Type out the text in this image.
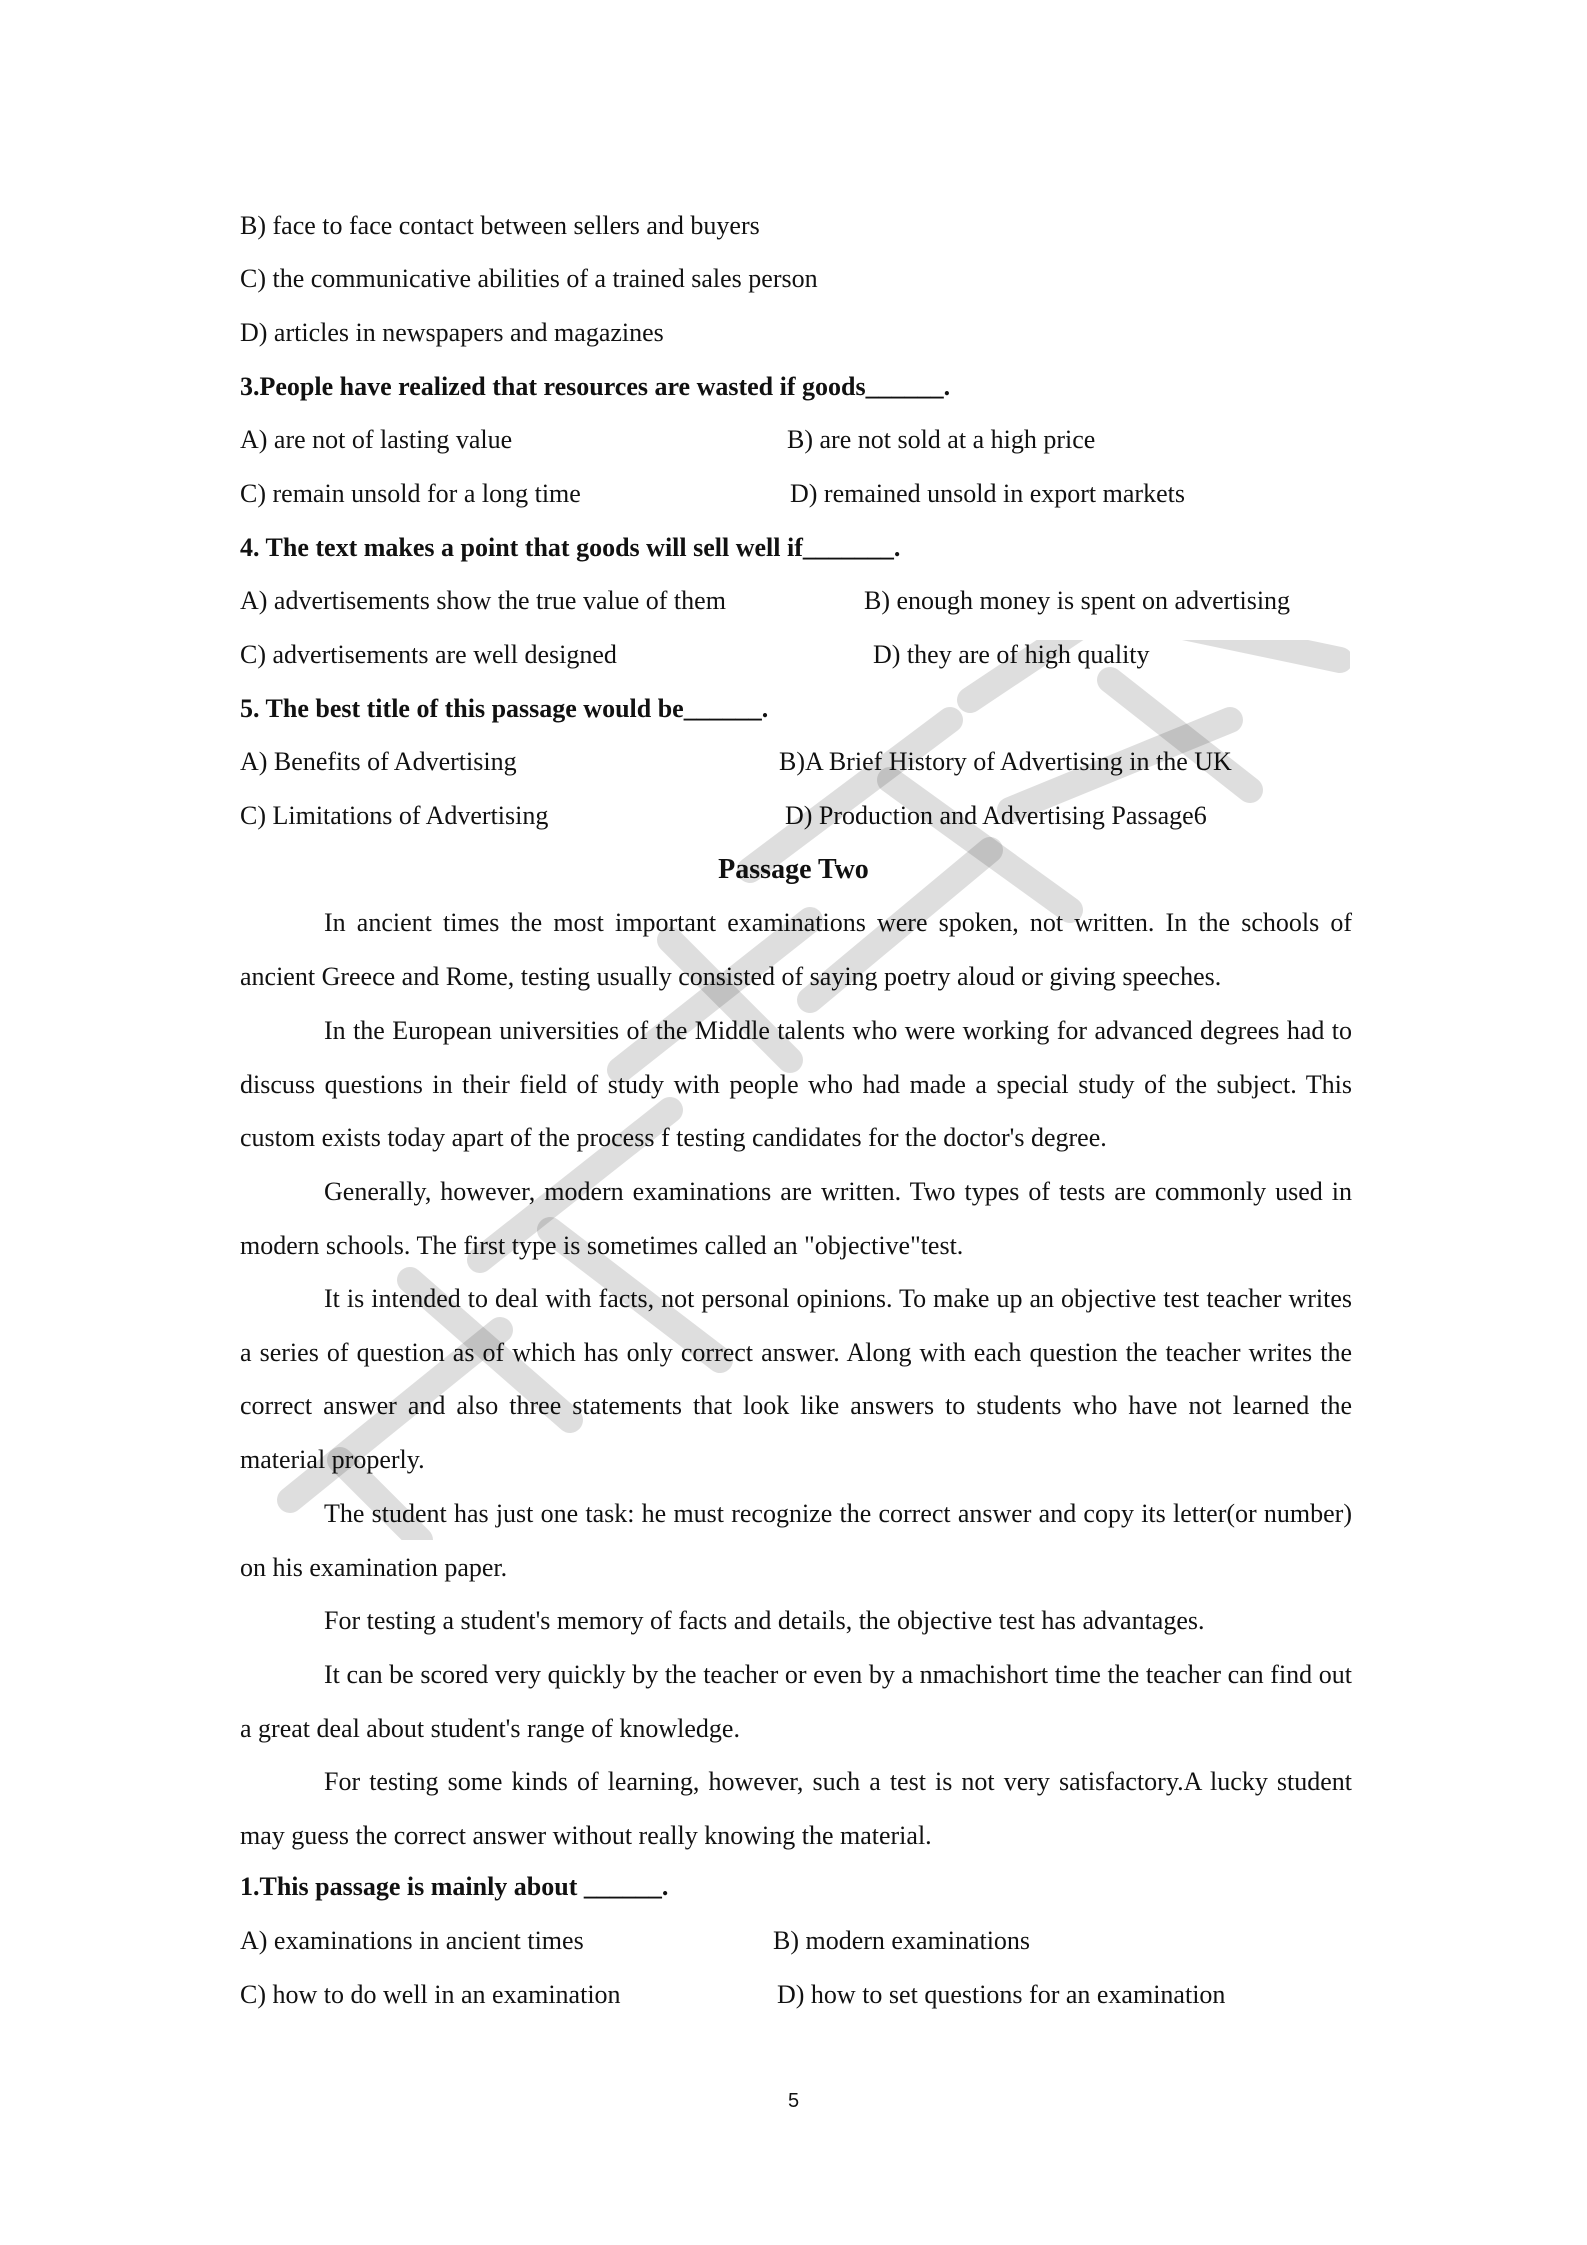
B) face to face contact between sellers and buyers
C) the communicative abilities of a trained sales person
D) articles in newspapers and magazines
3.People have realized that resources are wasted if goods______.
A) are not of lasting value	B) are not sold at a high price
C) remain unsold for a long time	D) remained unsold in export markets
4. The text makes a point that goods will sell well if_______.
A) advertisements show the true value of them	B) enough money is spent on advertising
C) advertisements are well designed	D) they are of high quality
5. The best title of this passage would be______.
A) Benefits of Advertising	B)A Brief History of Advertising in the UK
C) Limitations of Advertising	D) Production and Advertising Passage6
Passage Two
In ancient times the most important examinations were spoken, not written. In the schools of ancient Greece and Rome, testing usually consisted of saying poetry aloud or giving speeches.
In the European universities of the Middle talents who were working for advanced degrees had to discuss questions in their field of study with people who had made a special study of the subject. This custom exists today apart of the process f testing candidates for the doctor's degree.
Generally, however, modern examinations are written. Two types of tests are commonly used in modern schools. The first type is sometimes called an "objective"test.
It is intended to deal with facts, not personal opinions. To make up an objective test teacher writes a series of question as of which has only correct answer. Along with each question the teacher writes the correct answer and also three statements that look like answers to students who have not learned the material properly.
The student has just one task: he must recognize the correct answer and copy its letter(or number) on his examination paper.
For testing a student's memory of facts and details, the objective test has advantages.
It can be scored very quickly by the teacher or even by a nmachishort time the teacher can find out a great deal about student's range of knowledge.
For testing some kinds of learning, however, such a test is not very satisfactory.A lucky student may guess the correct answer without really knowing the material.
1.This passage is mainly about ______.
A) examinations in ancient times	B) modern examinations
C) how to do well in an examination	D) how to set questions for an examination
5
